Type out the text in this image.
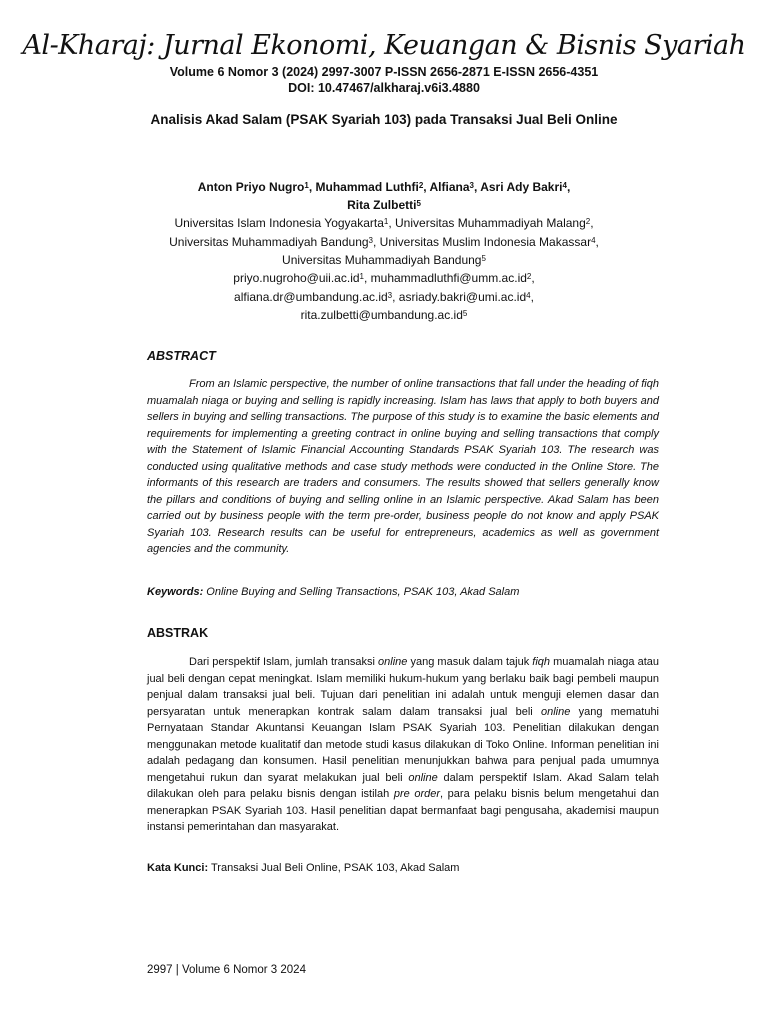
Al-Kharaj: Jurnal Ekonomi, Keuangan & Bisnis Syariah
Volume 6 Nomor 3 (2024) 2997-3007 P-ISSN 2656-2871 E-ISSN 2656-4351
DOI: 10.47467/alkharaj.v6i3.4880
Analisis Akad Salam (PSAK Syariah 103) pada Transaksi Jual Beli Online
Anton Priyo Nugro$^1$, Muhammad Luthfi$^2$, Alfiana$^3$, Asri Ady Bakri$^4$,
Rita Zulbetti$^5$
Universitas Islam Indonesia Yogyakarta$^1$, Universitas Muhammadiyah Malang$^2$,
Universitas Muhammadiyah Bandung$^3$, Universitas Muslim Indonesia Makassar$^4$,
Universitas Muhammadiyah Bandung$^5$
$priyo.nugroho@uii.ac.id^1$, $muhammadluthfi@umm.ac.id^2$,
$alfiana.dr@umbandung.ac.id^3$, $asriady.bakri@umi.ac.id^4$,
$rita.zulbetti@umbandung.ac.id^5$
ABSTRACT
From an Islamic perspective, the number of online transactions that fall under the heading of fiqh muamalah niaga or buying and selling is rapidly increasing. Islam has laws that apply to both buyers and sellers in buying and selling transactions. The purpose of this study is to examine the basic elements and requirements for implementing a greeting contract in online buying and selling transactions that comply with the Statement of Islamic Financial Accounting Standards PSAK Syariah 103. The research was conducted using qualitative methods and case study methods were conducted in the Online Store. The informants of this research are traders and consumers. The results showed that sellers generally know the pillars and conditions of buying and selling online in an Islamic perspective. Akad Salam has been carried out by business people with the term pre-order, business people do not know and apply PSAK Syariah 103. Research results can be useful for entrepreneurs, academics as well as government agencies and the community.
Keywords: Online Buying and Selling Transactions, PSAK 103, Akad Salam
ABSTRAK
Dari perspektif Islam, jumlah transaksi online yang masuk dalam tajuk fiqh muamalah niaga atau jual beli dengan cepat meningkat. Islam memiliki hukum-hukum yang berlaku baik bagi pembeli maupun penjual dalam transaksi jual beli. Tujuan dari penelitian ini adalah untuk menguji elemen dasar dan persyaratan untuk menerapkan kontrak salam dalam transaksi jual beli online yang mematuhi Pernyataan Standar Akuntansi Keuangan Islam PSAK Syariah 103. Penelitian dilakukan dengan menggunakan metode kualitatif dan metode studi kasus dilakukan di Toko Online. Informan penelitian ini adalah pedagang dan konsumen. Hasil penelitian menunjukkan bahwa para penjual pada umumnya mengetahui rukun dan syarat melakukan jual beli online dalam perspektif Islam. Akad Salam telah dilakukan oleh para pelaku bisnis dengan istilah pre order, para pelaku bisnis belum mengetahui dan menerapkan PSAK Syariah 103. Hasil penelitian dapat bermanfaat bagi pengusaha, akademisi maupun instansi pemerintahan dan masyarakat.
Kata Kunci: Transaksi Jual Beli Online, PSAK 103, Akad Salam
2997 | Volume 6 Nomor 3 2024
